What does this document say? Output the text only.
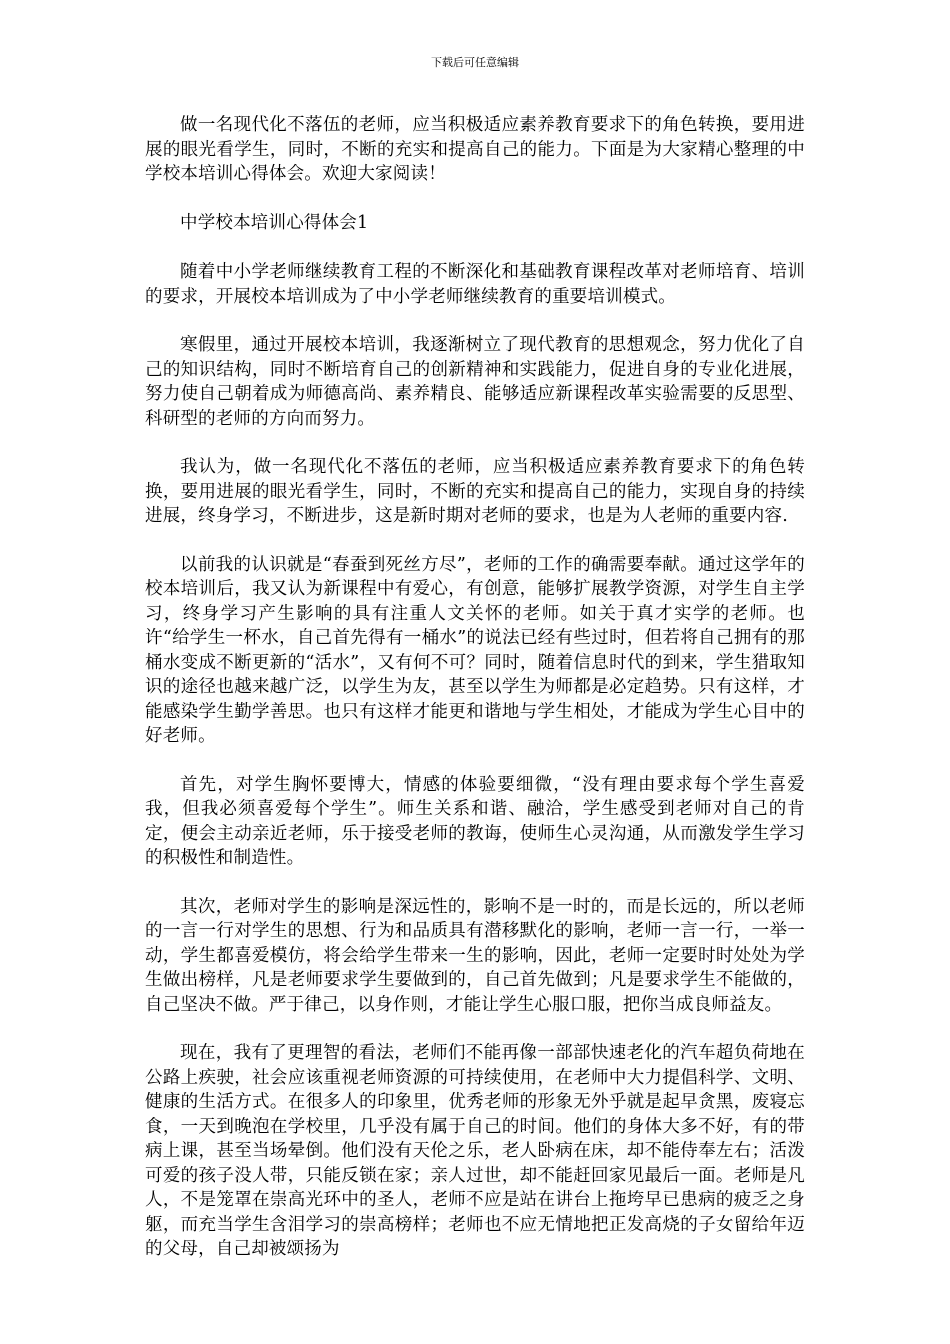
下载后可任意编辑

做一名现代化不落伍的老师，应当积极适应素养教育要求下的角色转换，要用进展的眼光看学生，同时，不断的充实和提高自己的能力。下面是为大家精心整理的中学校本培训心得体会。欢迎大家阅读！

中学校本培训心得体会1

随着中小学老师继续教育工程的不断深化和基础教育课程改革对老师培育、培训的要求，开展校本培训成为了中小学老师继续教育的重要培训模式。

寒假里，通过开展校本培训，我逐渐树立了现代教育的思想观念，努力优化了自己的知识结构，同时不断培育自己的创新精神和实践能力，促进自身的专业化进展，努力使自己朝着成为师德高尚、素养精良、能够适应新课程改革实验需要的反思型、科研型的老师的方向而努力。

我认为，做一名现代化不落伍的老师，应当积极适应素养教育要求下的角色转换，要用进展的眼光看学生，同时，不断的充实和提高自己的能力，实现自身的持续进展，终身学习，不断进步，这是新时期对老师的要求，也是为人老师的重要内容.

以前我的认识就是“春蚕到死丝方尽”，老师的工作的确需要奉献。通过这学年的校本培训后，我又认为新课程中有爱心，有创意，能够扩展教学资源，对学生自主学习，终身学习产生影响的具有注重人文关怀的老师。如关于真才实学的老师。也许“给学生一杯水，自己首先得有一桶水”的说法已经有些过时，但若将自己拥有的那桶水变成不断更新的“活水”，又有何不可？同时，随着信息时代的到来，学生猎取知识的途径也越来越广泛，以学生为友，甚至以学生为师都是必定趋势。只有这样，才能感染学生勤学善思。也只有这样才能更和谐地与学生相处，才能成为学生心目中的好老师。

首先，对学生胸怀要博大，情感的体验要细微，“没有理由要求每个学生喜爱我，但我必须喜爱每个学生”。师生关系和谐、融洽，学生感受到老师对自己的肯定，便会主动亲近老师，乐于接受老师的教诲，使师生心灵沟通，从而激发学生学习的积极性和制造性。

其次，老师对学生的影响是深远性的，影响不是一时的，而是长远的，所以老师的一言一行对学生的思想、行为和品质具有潜移默化的影响，老师一言一行，一举一动，学生都喜爱模仿，将会给学生带来一生的影响，因此，老师一定要时时处处为学生做出榜样，凡是老师要求学生要做到的，自己首先做到；凡是要求学生不能做的，自己坚决不做。严于律己，以身作则，才能让学生心服口服，把你当成良师益友。

现在，我有了更理智的看法，老师们不能再像一部部快速老化的汽车超负荷地在公路上疾驶，社会应该重视老师资源的可持续使用，在老师中大力提倡科学、文明、健康的生活方式。在很多人的印象里，优秀老师的形象无外乎就是起早贪黑，废寝忘食，一天到晚泡在学校里，几乎没有属于自己的时间。他们的身体大多不好，有的带病上课，甚至当场晕倒。他们没有天伦之乐，老人卧病在床，却不能侍奉左右；活泼可爱的孩子没人带，只能反锁在家；亲人过世，却不能赶回家见最后一面。老师是凡人，不是笼罩在崇高光环中的圣人，老师不应是站在讲台上拖垮早已患病的疲乏之身躯，而充当学生含泪学习的崇高榜样；老师也不应无情地把正发高烧的子女留给年迈的父母，自己却被颂扬为
